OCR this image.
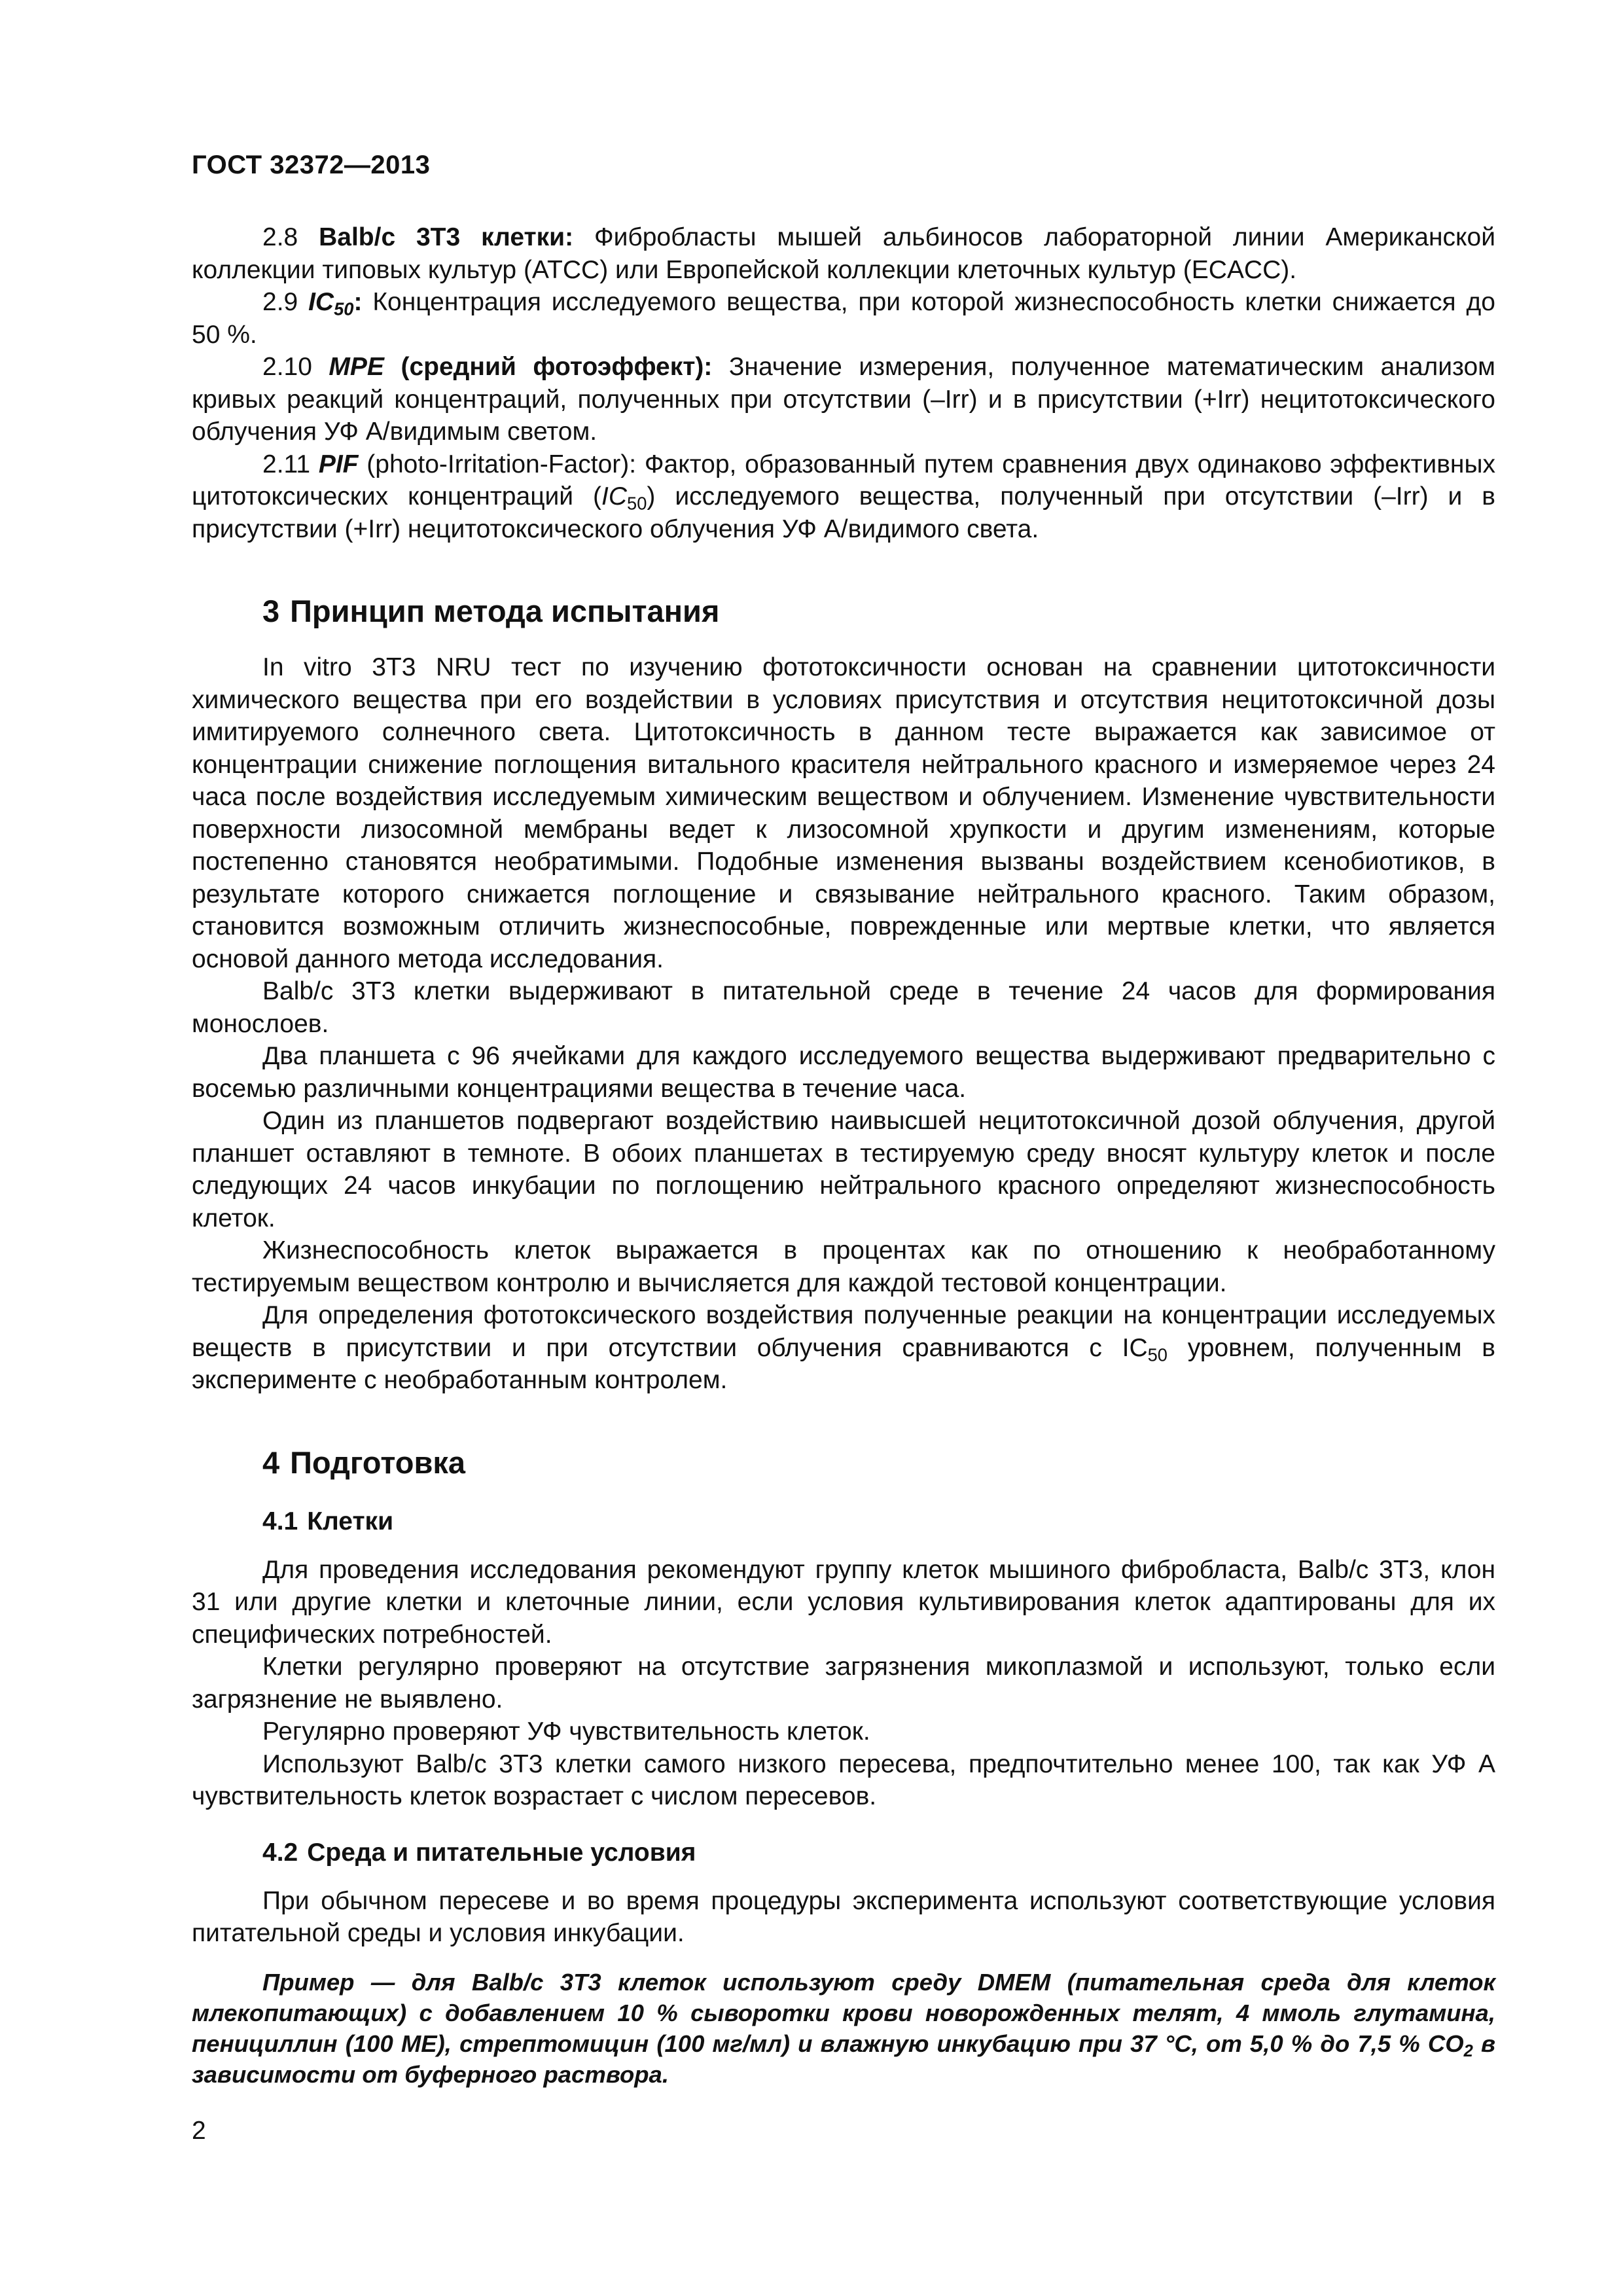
ГОСТ 32372—2013

2.8 Balb/c 3T3 клетки: Фибробласты мышей альбиносов лабораторной линии Американской коллекции типовых культур (ATCC) или Европейской коллекции клеточных культур (ECACC).

2.9 $IC_{50}$: Концентрация исследуемого вещества, при которой жизнеспособность клетки снижается до 50 %.

2.10 MPE (средний фотоэффект): Значение измерения, полученное математическим анализом кривых реакций концентраций, полученных при отсутствии (–Irr) и в присутствии (+Irr) нецитотоксического облучения УФ А/видимым светом.

2.11 PIF (photo-Irritation-Factor): Фактор, образованный путем сравнения двух одинаково эффективных цитотоксических концентраций $(IC_{50})$ исследуемого вещества, полученный при отсутствии (–Irr) и в присутствии (+Irr) нецитотоксического облучения УФ А/видимого света.

3 Принцип метода испытания

In vitro 3T3 NRU тест по изучению фототоксичности основан на сравнении цитотоксичности химического вещества при его воздействии в условиях присутствия и отсутствия нецитотоксичной дозы имитируемого солнечного света. Цитотоксичность в данном тесте выражается как зависимое от концентрации снижение поглощения витального красителя нейтрального красного и измеряемое через 24 часа после воздействия исследуемым химическим веществом и облучением. Изменение чувствительности поверхности лизосомной мембраны ведет к лизосомной хрупкости и другим изменениям, которые постепенно становятся необратимыми. Подобные изменения вызваны воздействием ксенобиотиков, в результате которого снижается поглощение и связывание нейтрального красного. Таким образом, становится возможным отличить жизнеспособные, поврежденные или мертвые клетки, что является основой данного метода исследования.

Balb/c 3T3 клетки выдерживают в питательной среде в течение 24 часов для формирования монослоев.

Два планшета с 96 ячейками для каждого исследуемого вещества выдерживают предварительно с восемью различными концентрациями вещества в течение часа.

Один из планшетов подвергают воздействию наивысшей нецитотоксичной дозой облучения, другой планшет оставляют в темноте. В обоих планшетах в тестируемую среду вносят культуру клеток и после следующих 24 часов инкубации по поглощению нейтрального красного определяют жизнеспособность клеток.

Жизнеспособность клеток выражается в процентах как по отношению к необработанному тестируемым веществом контролю и вычисляется для каждой тестовой концентрации.

Для определения фототоксического воздействия полученные реакции на концентрации исследуемых веществ в присутствии и при отсутствии облучения сравниваются с $IC_{50}$ уровнем, полученным в эксперименте с необработанным контролем.

4 Подготовка
4.1 Клетки

Для проведения исследования рекомендуют группу клеток мышиного фибробласта, Balb/c 3T3, клон 31 или другие клетки и клеточные линии, если условия культивирования клеток адаптированы для их специфических потребностей.

Клетки регулярно проверяют на отсутствие загрязнения микоплазмой и используют, только если загрязнение не выявлено.

Регулярно проверяют УФ чувствительность клеток.

Используют Balb/c 3T3 клетки самого низкого пересева, предпочтительно менее 100, так как УФ А чувствительность клеток возрастает с числом пересевов.

4.2 Среда и питательные условия

При обычном пересеве и во время процедуры эксперимента используют соответствующие условия питательной среды и условия инкубации.

Пример — для Balb/c 3T3 клеток используют среду DMEM (питательная среда для клеток млекопитающих) с добавлением 10 % сыворотки крови новорожденных телят, 4 ммоль глутамина, пенициллин (100 МЕ), стрептомицин (100 мг/мл) и влажную инкубацию при 37 °С, от 5,0 % до 7,5 % $CO_2$ в зависимости от буферного раствора.

2
